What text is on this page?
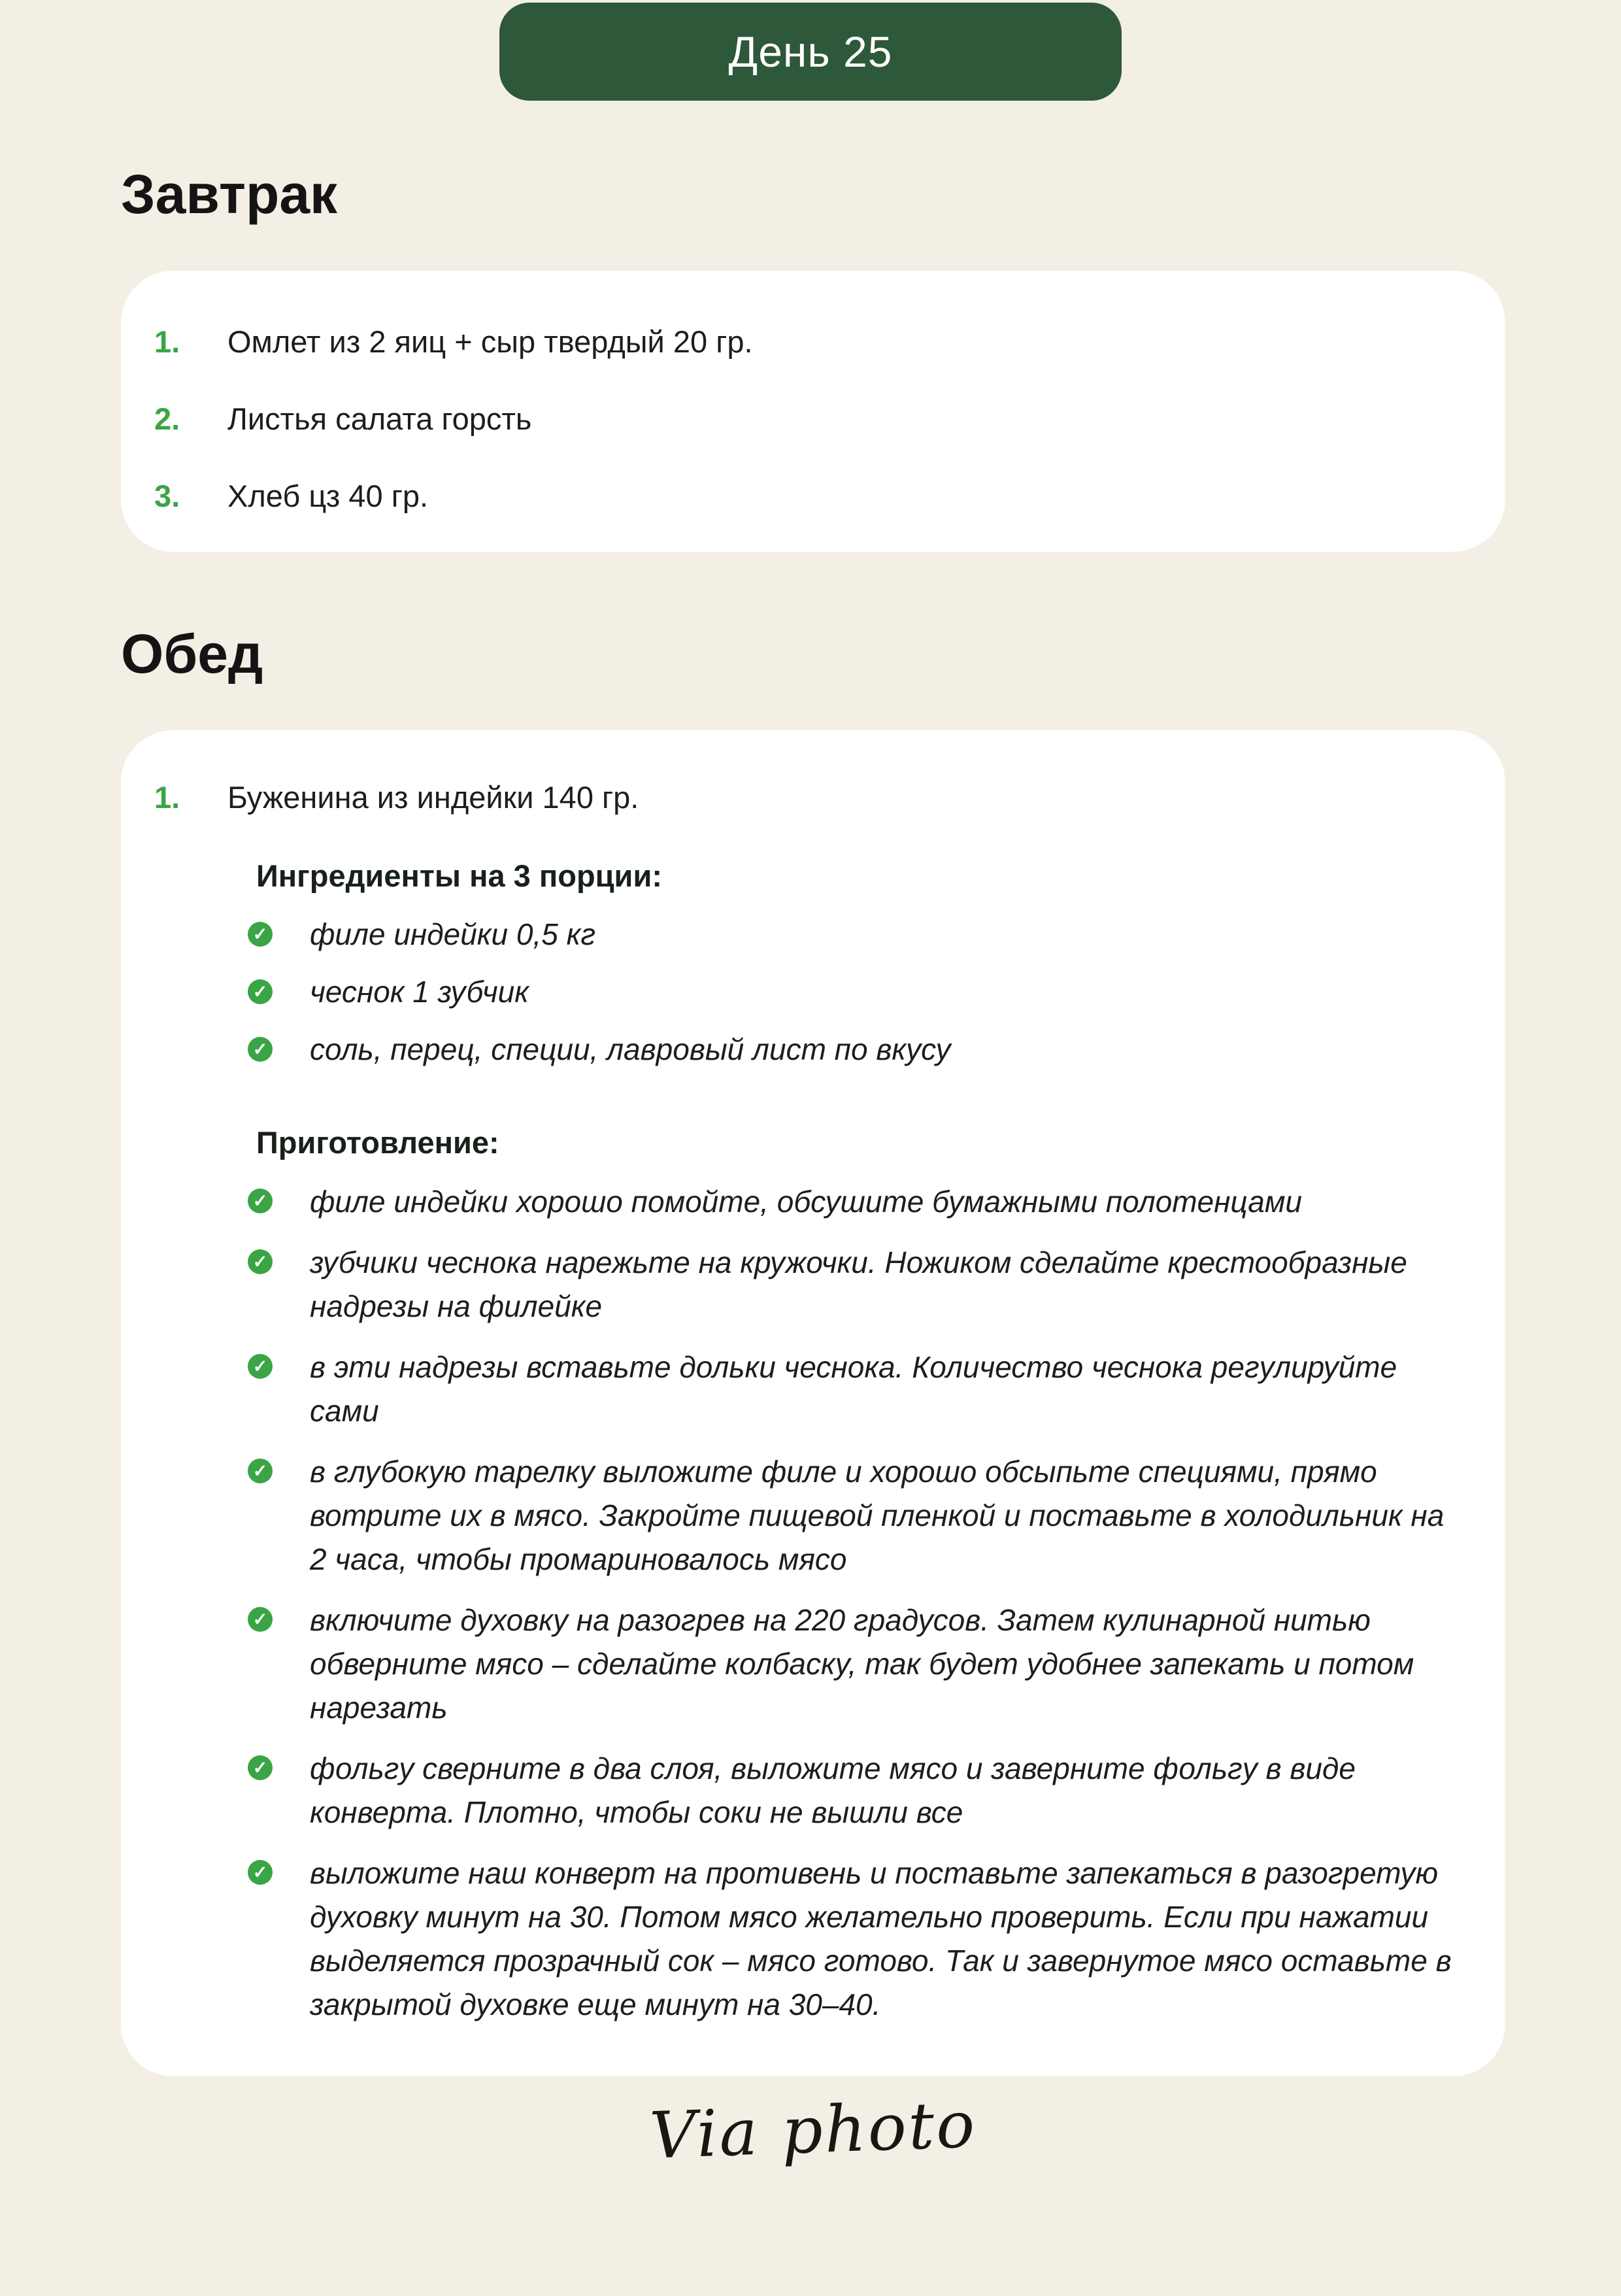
День 25
Завтрак
1.	Омлет из 2 яиц + сыр твердый 20 гр.
2.	Листья салата горсть
3.	Хлеб цз 40 гр.
Обед
1.	Буженина из индейки 140 гр.
Ингредиенты на 3 порции:
✓ филе индейки 0,5 кг
✓ чеснок 1 зубчик
✓ соль, перец, специи, лавровый лист по вкусу
Приготовление:
✓ филе индейки хорошо помойте, обсушите бумажными полотенцами
✓ зубчики чеснока нарежьте на кружочки. Ножиком сделайте крестообразные надрезы на филейке
✓ в эти надрезы вставьте дольки чеснока. Количество чеснока регулируйте сами
✓ в глубокую тарелку выложите филе и хорошо обсыпьте специями, прямо вотрите их в мясо. Закройте пищевой пленкой и поставьте в холодильник на 2 часа, чтобы промариновалось мясо
✓ включите духовку на разогрев на 220 градусов. Затем кулинарной нитью обверните мясо – сделайте колбаску, так будет удобнее запекать и потом нарезать
✓ фольгу сверните в два слоя, выложите мясо и заверните фольгу в виде конверта. Плотно, чтобы соки не вышли все
✓ выложите наш конверт на противень и поставьте запекаться в разогретую духовку минут на 30. Потом мясо желательно проверить. Если при нажатии выделяется прозрачный сок – мясо готово. Так и завернутое мясо оставьте в закрытой духовке еще минут на 30–40.
Via photo
